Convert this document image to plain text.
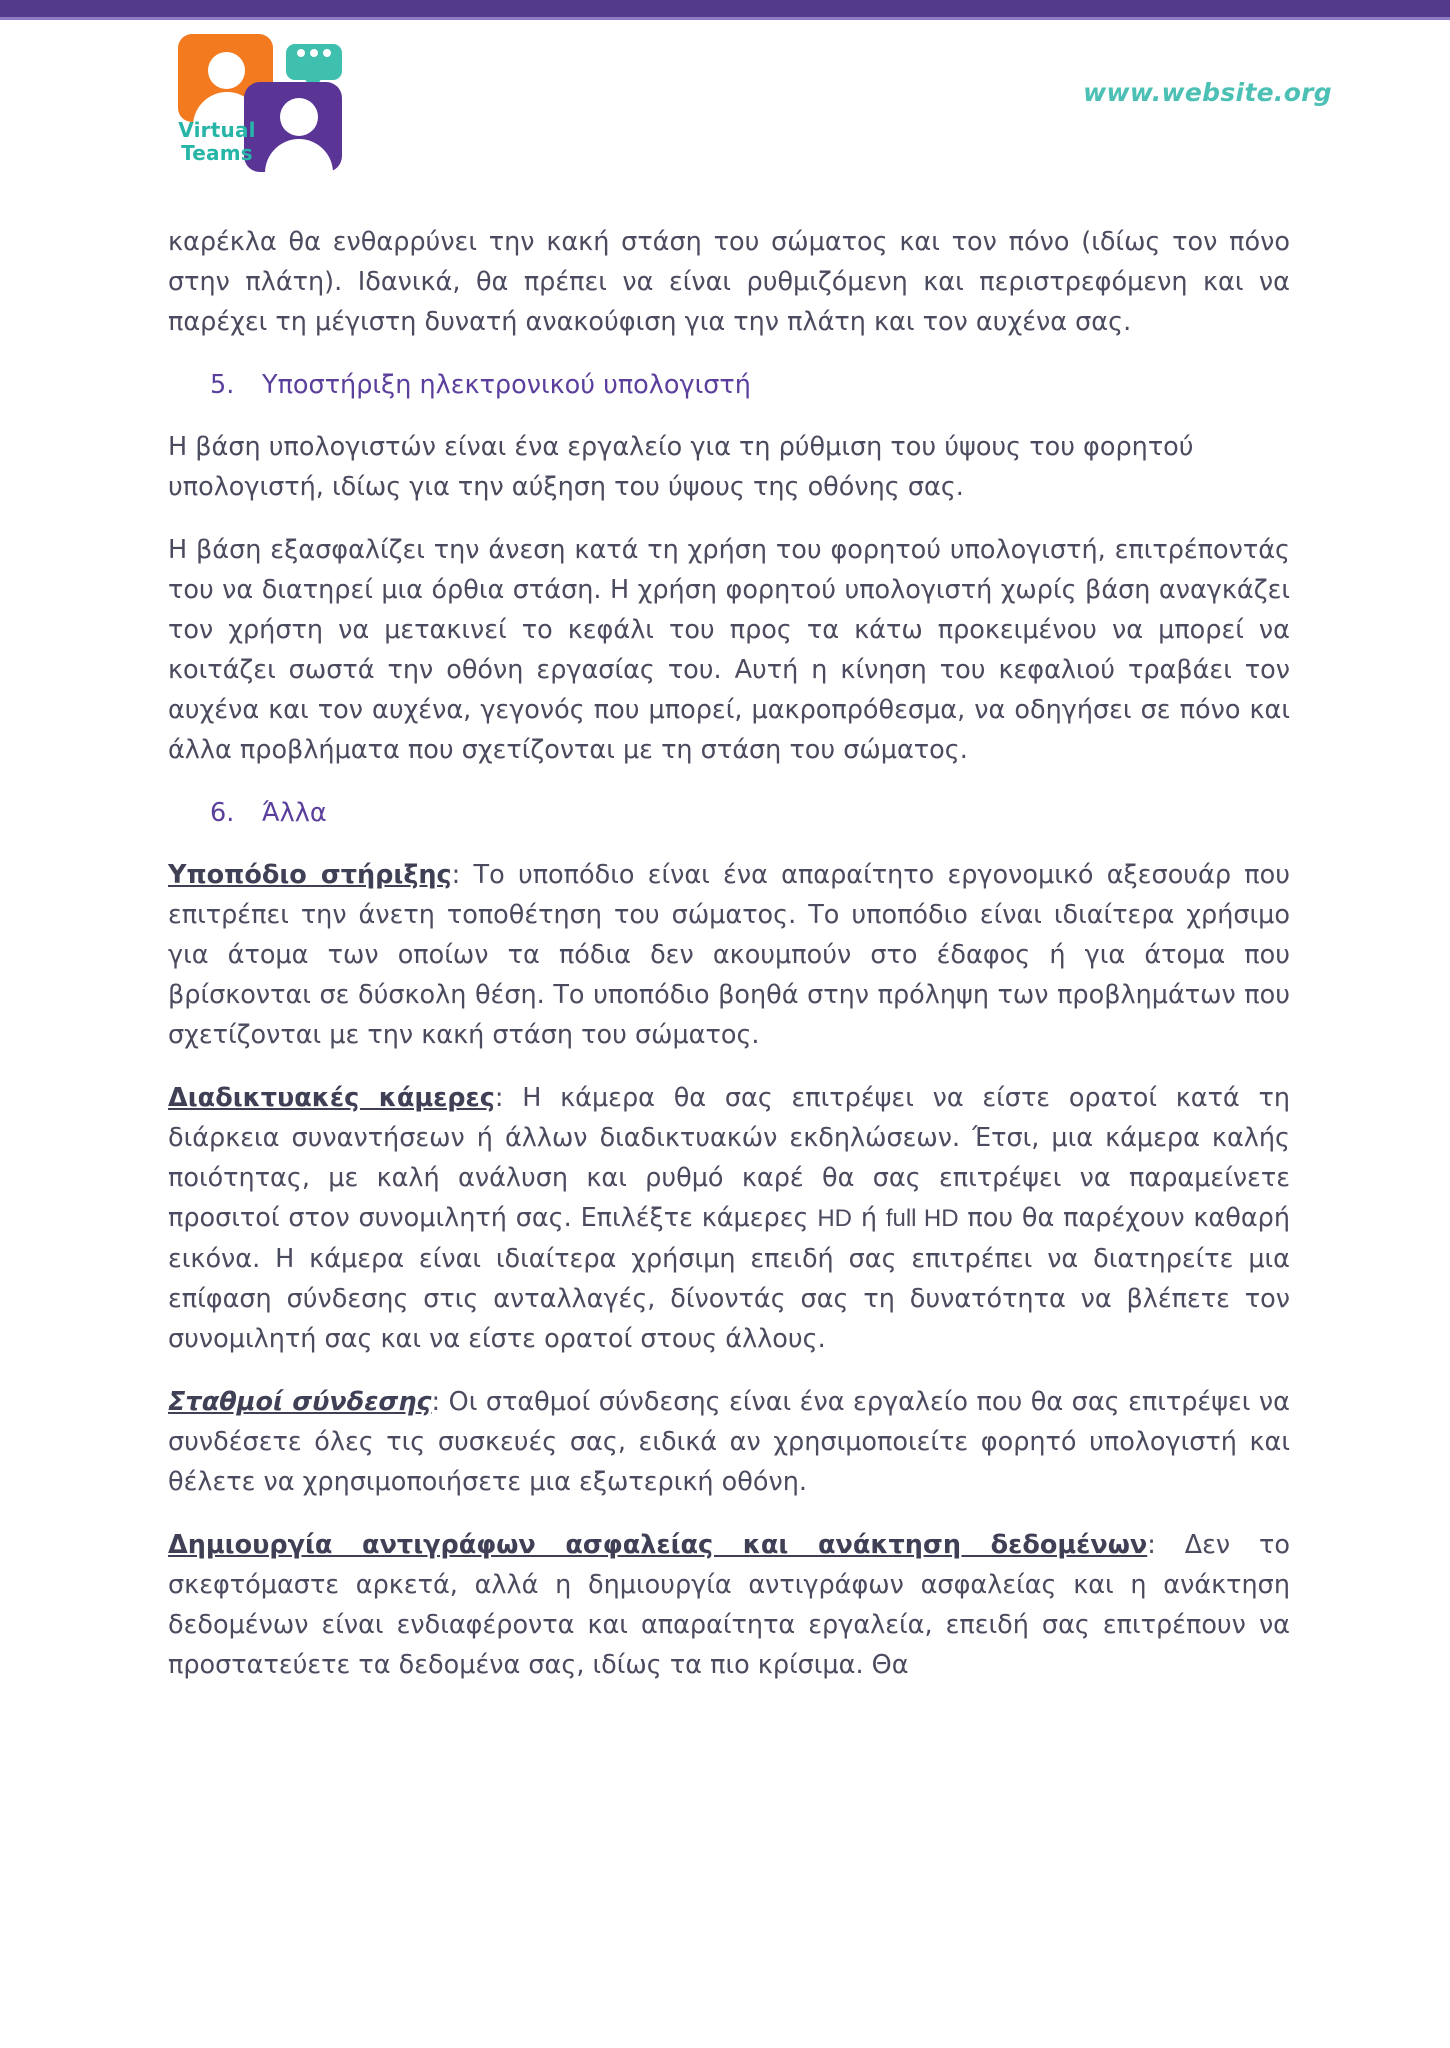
Virtual
Teams
www.website.org

καρέκλα θα ενθαρρύνει την κακή στάση του σώματος και τον πόνο (ιδίως τον πόνο στην πλάτη). Ιδανικά, θα πρέπει να είναι ρυθμιζόμενη και περιστρεφόμενη και να παρέχει τη μέγιστη δυνατή ανακούφιση για την πλάτη και τον αυχένα σας.

5.	Υποστήριξη ηλεκτρονικού υπολογιστή

Η βάση υπολογιστών είναι ένα εργαλείο για τη ρύθμιση του ύψους του φορητού υπολογιστή, ιδίως για την αύξηση του ύψους της οθόνης σας.

Η βάση εξασφαλίζει την άνεση κατά τη χρήση του φορητού υπολογιστή, επιτρέποντάς του να διατηρεί μια όρθια στάση. Η χρήση φορητού υπολογιστή χωρίς βάση αναγκάζει τον χρήστη να μετακινεί το κεφάλι του προς τα κάτω προκειμένου να μπορεί να κοιτάζει σωστά την οθόνη εργασίας του. Αυτή η κίνηση του κεφαλιού τραβάει τον αυχένα και τον αυχένα, γεγονός που μπορεί, μακροπρόθεσμα, να οδηγήσει σε πόνο και άλλα προβλήματα που σχετίζονται με τη στάση του σώματος.

6.	Άλλα

Υποπόδιο στήριξης: Το υποπόδιο είναι ένα απαραίτητο εργονομικό αξεσουάρ που επιτρέπει την άνετη τοποθέτηση του σώματος. Το υποπόδιο είναι ιδιαίτερα χρήσιμο για άτομα των οποίων τα πόδια δεν ακουμπούν στο έδαφος ή για άτομα που βρίσκονται σε δύσκολη θέση. Το υποπόδιο βοηθά στην πρόληψη των προβλημάτων που σχετίζονται με την κακή στάση του σώματος.

Διαδικτυακές κάμερες: Η κάμερα θα σας επιτρέψει να είστε ορατοί κατά τη διάρκεια συναντήσεων ή άλλων διαδικτυακών εκδηλώσεων. Έτσι, μια κάμερα καλής ποιότητας, με καλή ανάλυση και ρυθμό καρέ θα σας επιτρέψει να παραμείνετε προσιτοί στον συνομιλητή σας. Επιλέξτε κάμερες HD ή full HD που θα παρέχουν καθαρή εικόνα. Η κάμερα είναι ιδιαίτερα χρήσιμη επειδή σας επιτρέπει να διατηρείτε μια επίφαση σύνδεσης στις ανταλλαγές, δίνοντάς σας τη δυνατότητα να βλέπετε τον συνομιλητή σας και να είστε ορατοί στους άλλους.

Σταθμοί σύνδεσης: Οι σταθμοί σύνδεσης είναι ένα εργαλείο που θα σας επιτρέψει να συνδέσετε όλες τις συσκευές σας, ειδικά αν χρησιμοποιείτε φορητό υπολογιστή και θέλετε να χρησιμοποιήσετε μια εξωτερική οθόνη.

Δημιουργία αντιγράφων ασφαλείας και ανάκτηση δεδομένων: Δεν το σκεφτόμαστε αρκετά, αλλά η δημιουργία αντιγράφων ασφαλείας και η ανάκτηση δεδομένων είναι ενδιαφέροντα και απαραίτητα εργαλεία, επειδή σας επιτρέπουν να προστατεύετε τα δεδομένα σας, ιδίως τα πιο κρίσιμα. Θα
